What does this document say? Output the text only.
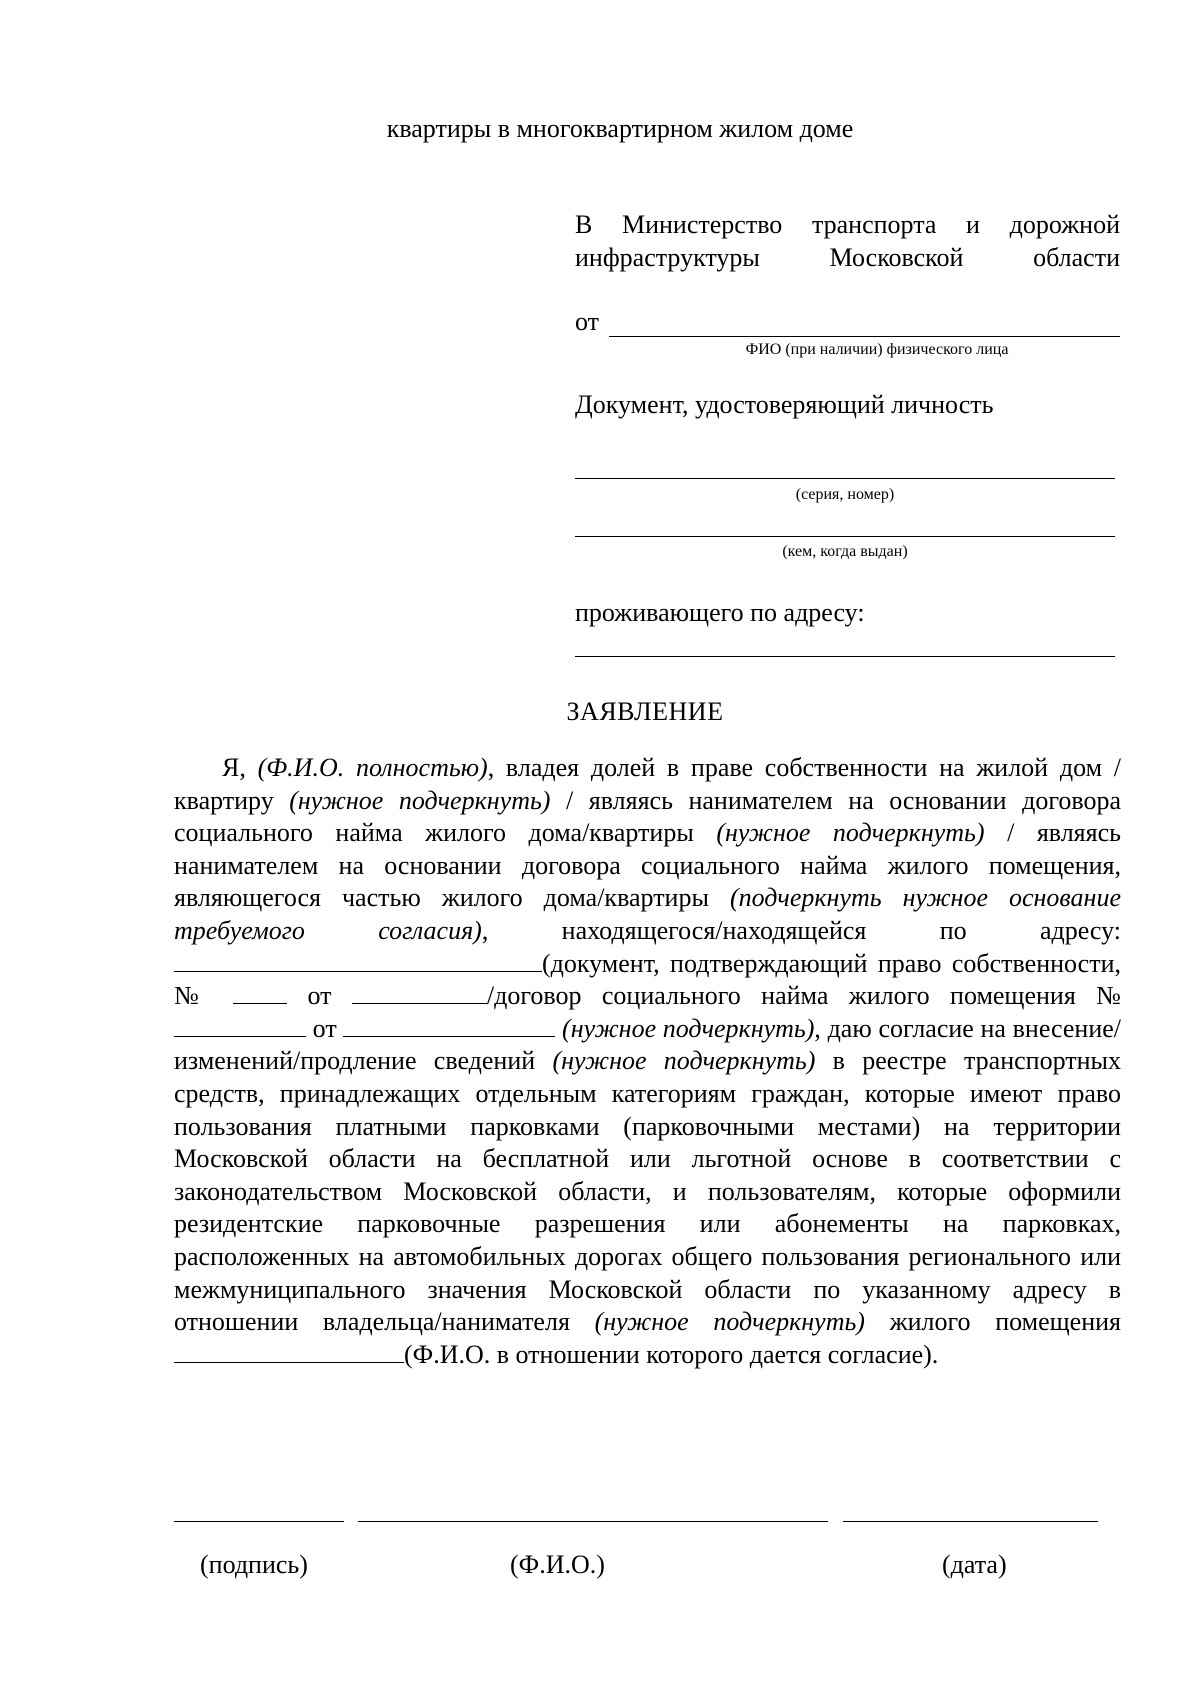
квартиры в многоквартирном жилом доме
В Министерство транспорта и дорожной инфраструктуры Московской области
от
ФИО (при наличии) физического лица
Документ, удостоверяющий личность
(серия, номер)
(кем, когда выдан)
проживающего по адресу:
ЗАЯВЛЕНИЕ
Я, (Ф.И.О. полностью), владея долей в праве собственности на жилой дом / квартиру (нужное подчеркнуть) / являясь нанимателем на основании договора социального найма жилого дома/квартиры (нужное подчеркнуть) / являясь нанимателем на основании договора социального найма жилого помещения, являющегося частью жилого дома/квартиры (подчеркнуть нужное основание требуемого согласия), находящегося/находящейся по адресу: (документ, подтверждающий право собственности, №  от	/договор социального найма жилого помещения №  от	(нужное подчеркнуть), даю согласие на внесение/изменений/продление сведений (нужное подчеркнуть) в реестре транспортных средств, принадлежащих отдельным категориям граждан, которые имеют право пользования платными парковками (парковочными местами) на территории Московской области на бесплатной или льготной основе в соответствии с законодательством Московской области, и пользователям, которые оформили резидентские парковочные разрешения или абонементы на парковках, расположенных на автомобильных дорогах общего пользования регионального или межмуниципального значения Московской области по указанному адресу в отношении владельца/нанимателя (нужное подчеркнуть) жилого помещения (Ф.И.О. в отношении которого дается согласие).
(подпись)	(Ф.И.О.)	(дата)
